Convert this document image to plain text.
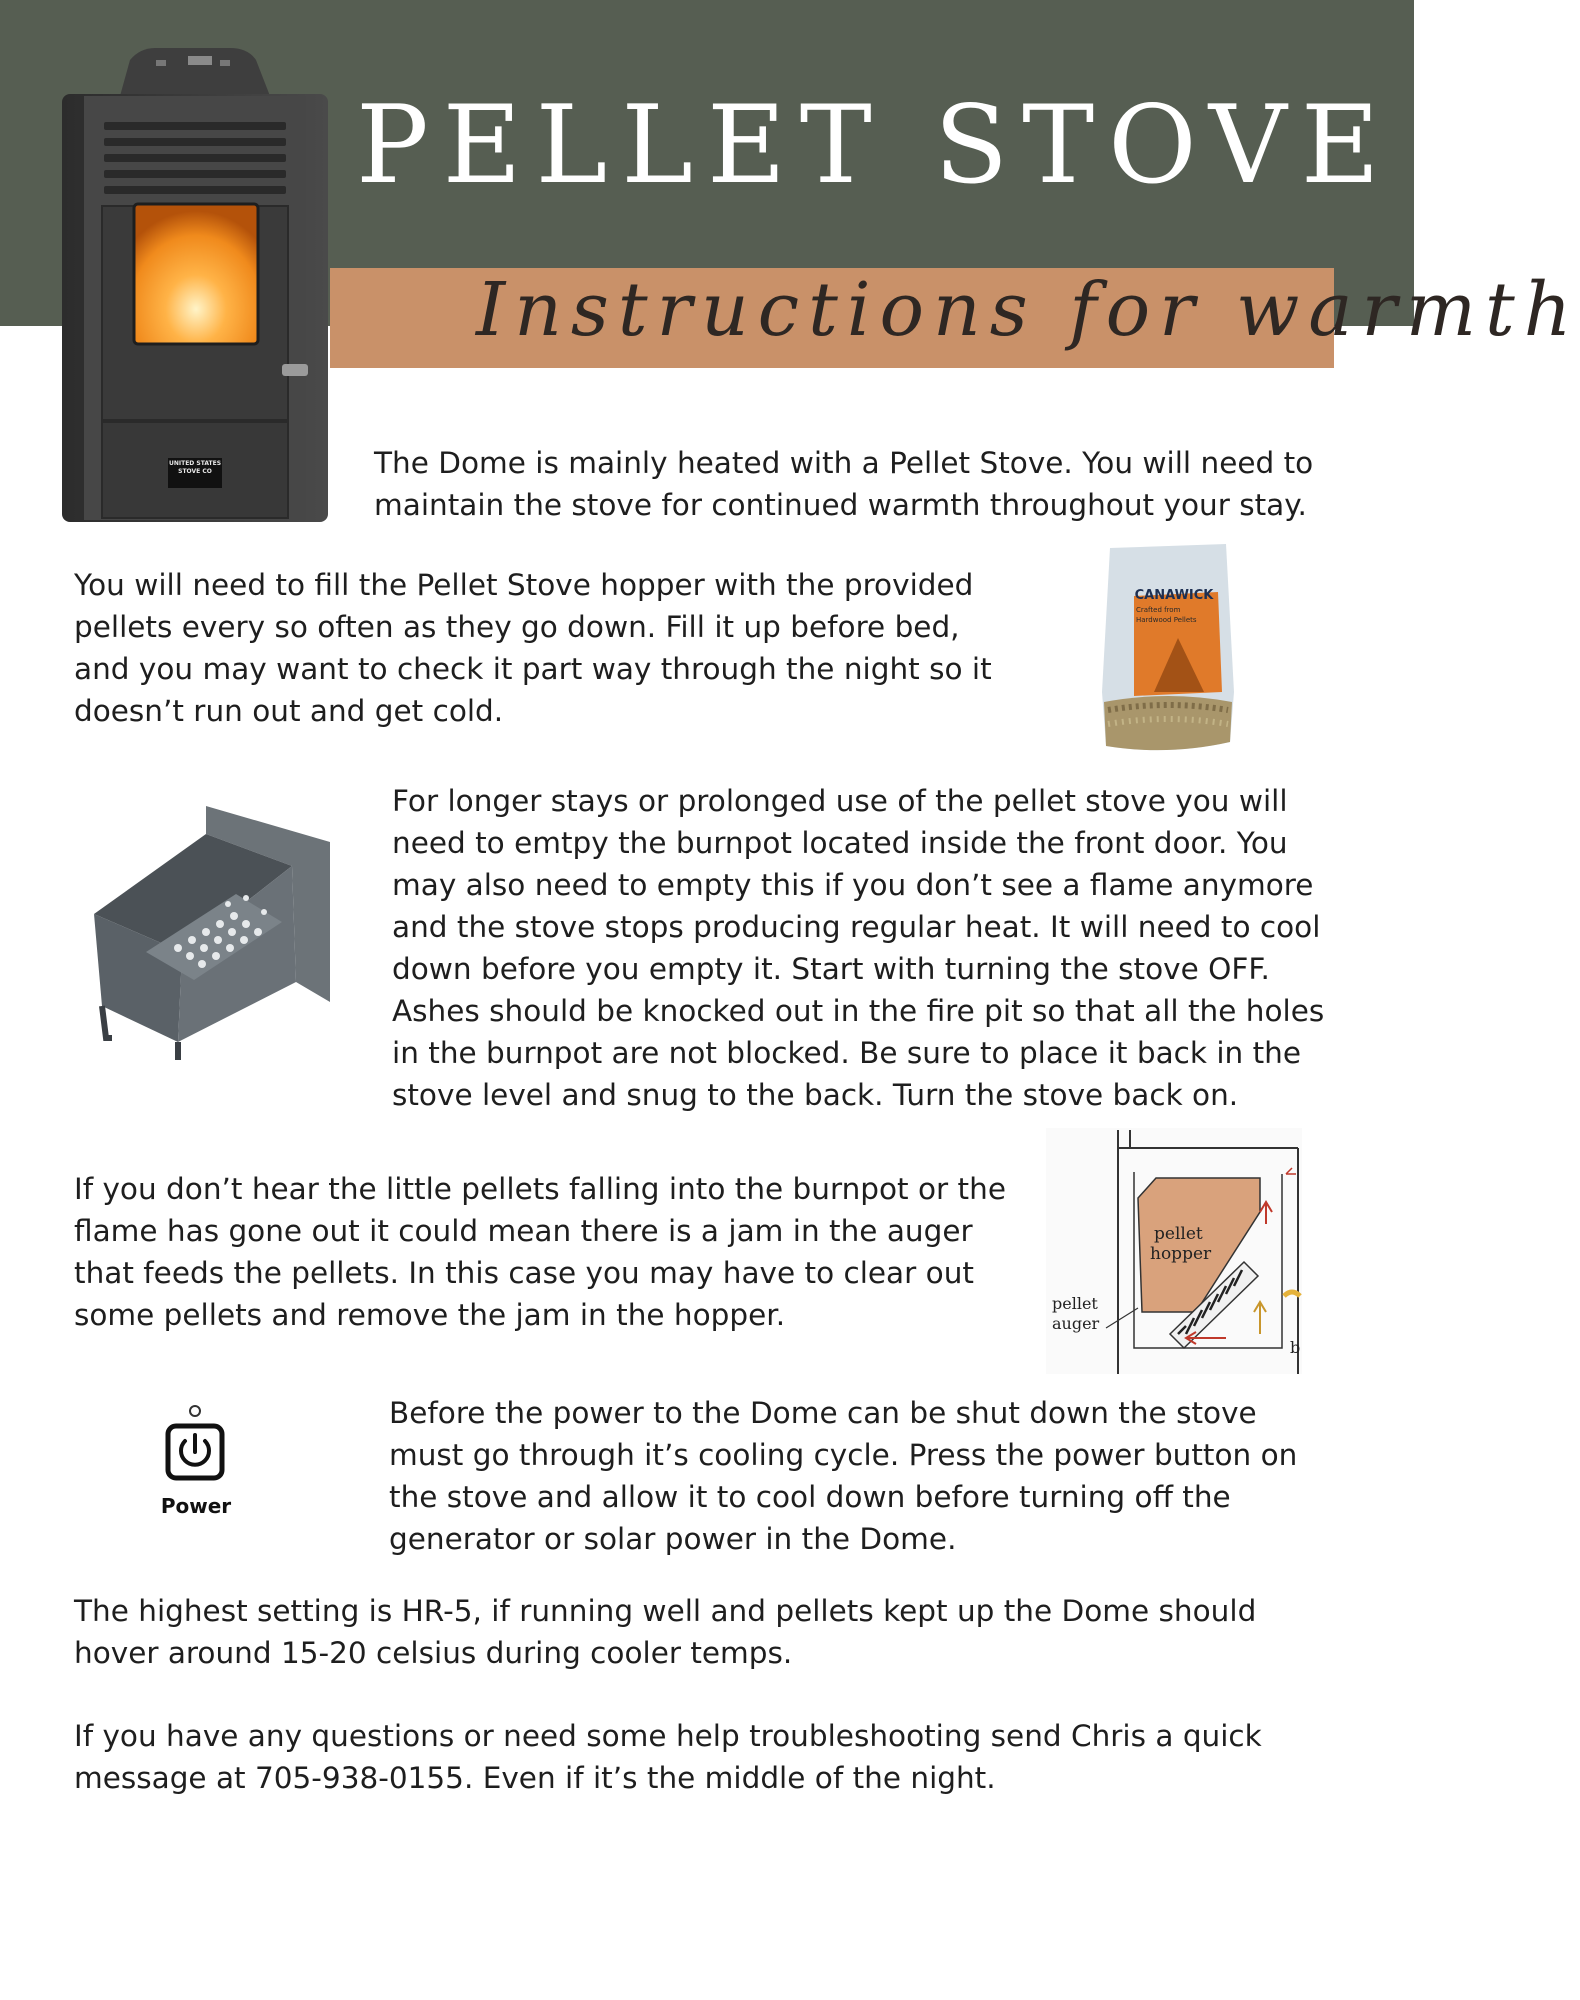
PELLET STOVE
Instructions for warmth
UNITED STATES
STOVE CO	The Dome is mainly heated with a Pellet Stove. You will need to
maintain the stove for continued warmth throughout your stay.

You will need to fill the Pellet Stove hopper with the provided
pellets every so often as they go down. Fill it up before bed,
and you may want to check it part way through the night so it
doesn’t run out and get cold.

CANAWICK
Crafted from
Hardwood Pellets

For longer stays or prolonged use of the pellet stove you will
need to emtpy the burnpot located inside the front door. You
may also need to empty this if you don’t see a flame anymore
and the stove stops producing regular heat. It will need to cool
down before you empty it. Start with turning the stove OFF.
Ashes should be knocked out in the fire pit so that all the holes
in the burnpot are not blocked. Be sure to place it back in the
stove level and snug to the back. Turn the stove back on.

If you don’t hear the little pellets falling into the burnpot or the
flame has gone out it could mean there is a jam in the auger
that feeds the pellets. In this case you may have to clear out
some pellets and remove the jam in the hopper.

pellet
hopper
pellet
auger
b
Power

Before the power to the Dome can be shut down the stove
must go through it’s cooling cycle. Press the power button on
the stove and allow it to cool down before turning off the
generator or solar power in the Dome.

The highest setting is HR-5, if running well and pellets kept up the Dome should
hover around 15-20 celsius during cooler temps.

If you have any questions or need some help troubleshooting send Chris a quick
message at 705-938-0155. Even if it’s the middle of the night.
